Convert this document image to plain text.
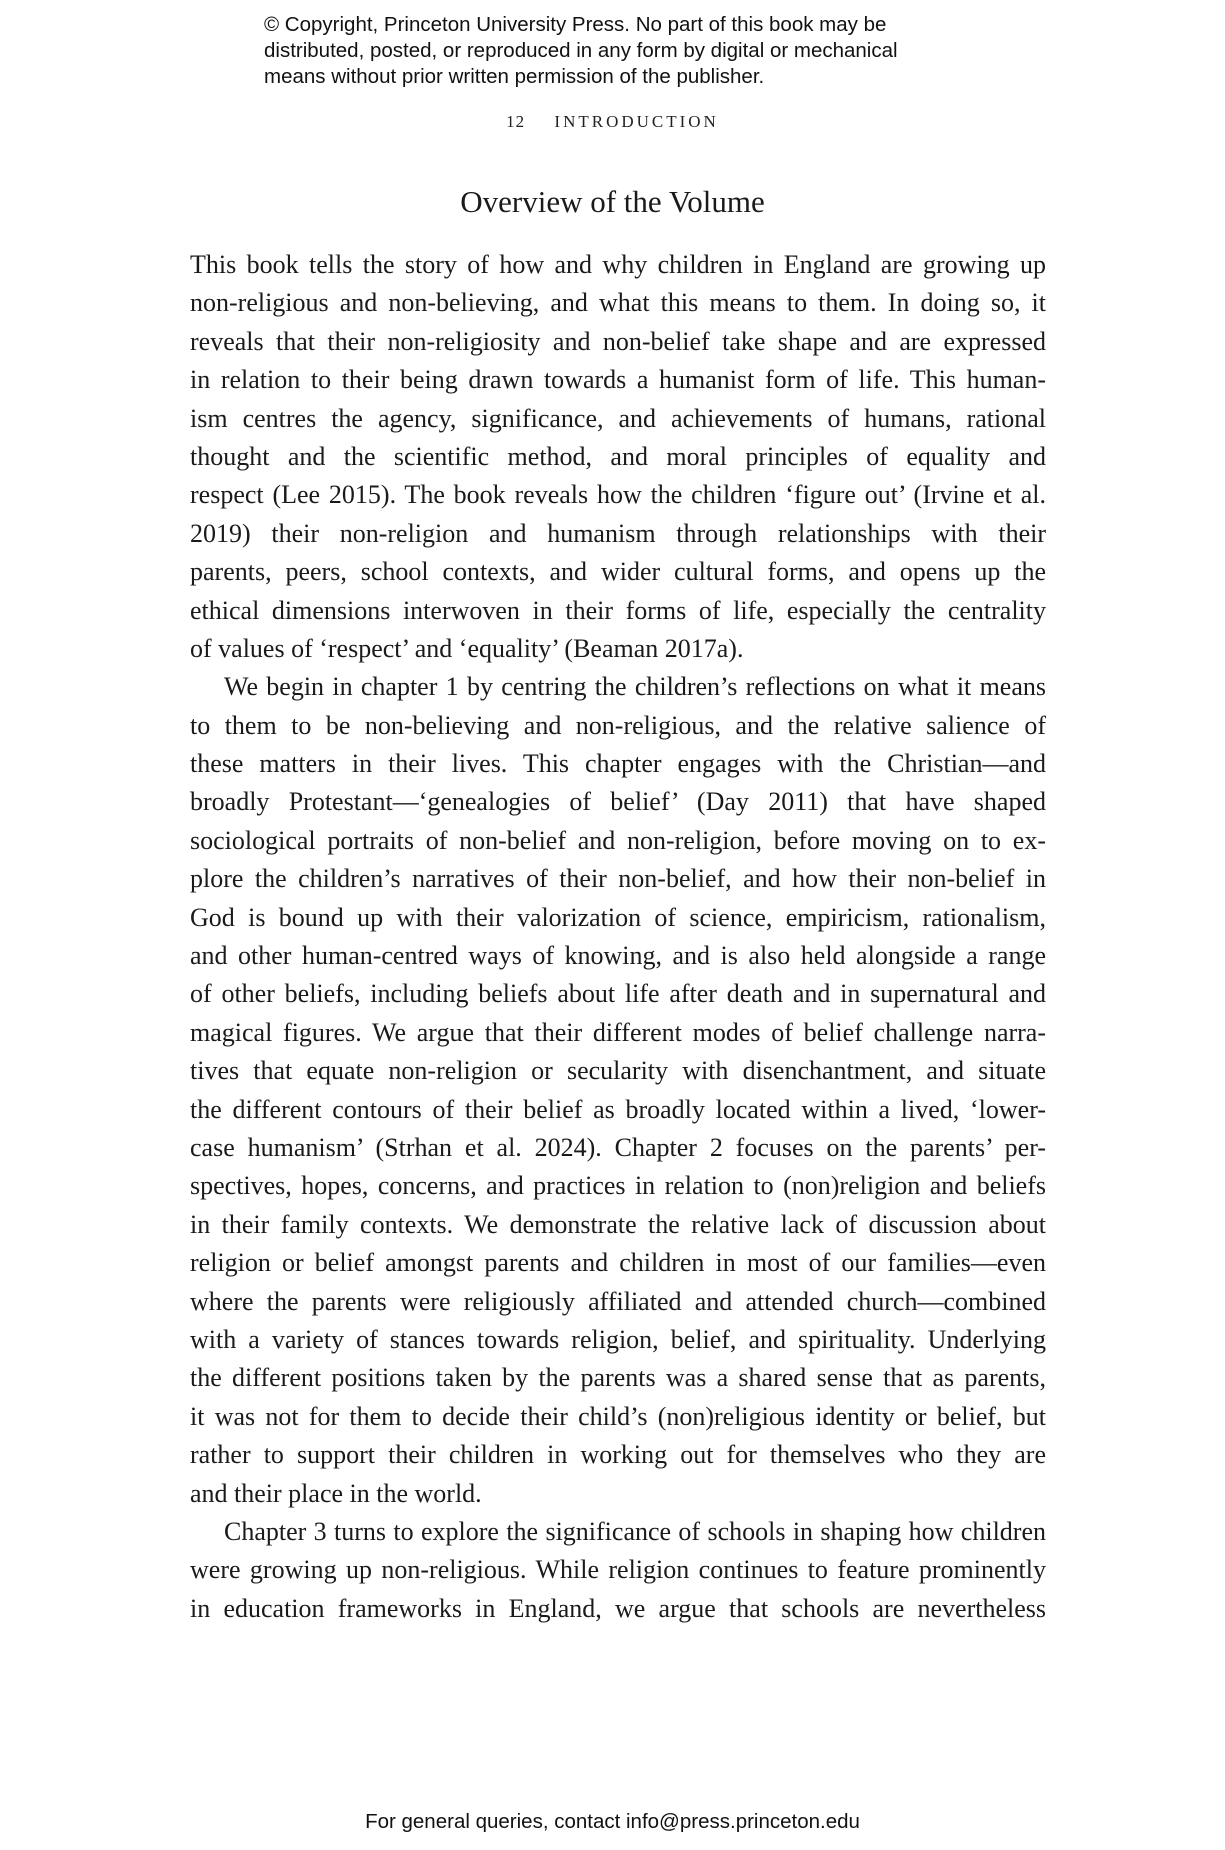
© Copyright, Princeton University Press. No part of this book may be
distributed, posted, or reproduced in any form by digital or mechanical
means without prior written permission of the publisher.
12 INTRODUCTION
Overview of the Volume
This book tells the story of how and why children in England are growing up
non-religious and non-believing, and what this means to them. In doing so, it
reveals that their non-religiosity and non-belief take shape and are expressed
in relation to their being drawn towards a humanist form of life. This human-
ism centres the agency, significance, and achievements of humans, rational
thought and the scientific method, and moral principles of equality and
respect (Lee 2015). The book reveals how the children ‘figure out’ (Irvine et al.
2019) their non-religion and humanism through relationships with their
parents, peers, school contexts, and wider cultural forms, and opens up the
ethical dimensions interwoven in their forms of life, especially the centrality
of values of ‘respect’ and ‘equality’ (Beaman 2017a).
We begin in chapter 1 by centring the children’s reflections on what it means
to them to be non-believing and non-religious, and the relative salience of
these matters in their lives. This chapter engages with the Christian—and
broadly Protestant—‘genealogies of belief’ (Day 2011) that have shaped
sociological portraits of non-belief and non-religion, before moving on to ex-
plore the children’s narratives of their non-belief, and how their non-belief in
God is bound up with their valorization of science, empiricism, rationalism,
and other human-centred ways of knowing, and is also held alongside a range
of other beliefs, including beliefs about life after death and in supernatural and
magical figures. We argue that their different modes of belief challenge narra-
tives that equate non-religion or secularity with disenchantment, and situate
the different contours of their belief as broadly located within a lived, ‘lower-
case humanism’ (Strhan et al. 2024). Chapter 2 focuses on the parents’ per-
spectives, hopes, concerns, and practices in relation to (non)religion and beliefs
in their family contexts. We demonstrate the relative lack of discussion about
religion or belief amongst parents and children in most of our families—even
where the parents were religiously affiliated and attended church—combined
with a variety of stances towards religion, belief, and spirituality. Underlying
the different positions taken by the parents was a shared sense that as parents,
it was not for them to decide their child’s (non)religious identity or belief, but
rather to support their children in working out for themselves who they are
and their place in the world.
Chapter 3 turns to explore the significance of schools in shaping how children
were growing up non-religious. While religion continues to feature prominently
in education frameworks in England, we argue that schools are nevertheless
For general queries, contact info@press.princeton.edu
